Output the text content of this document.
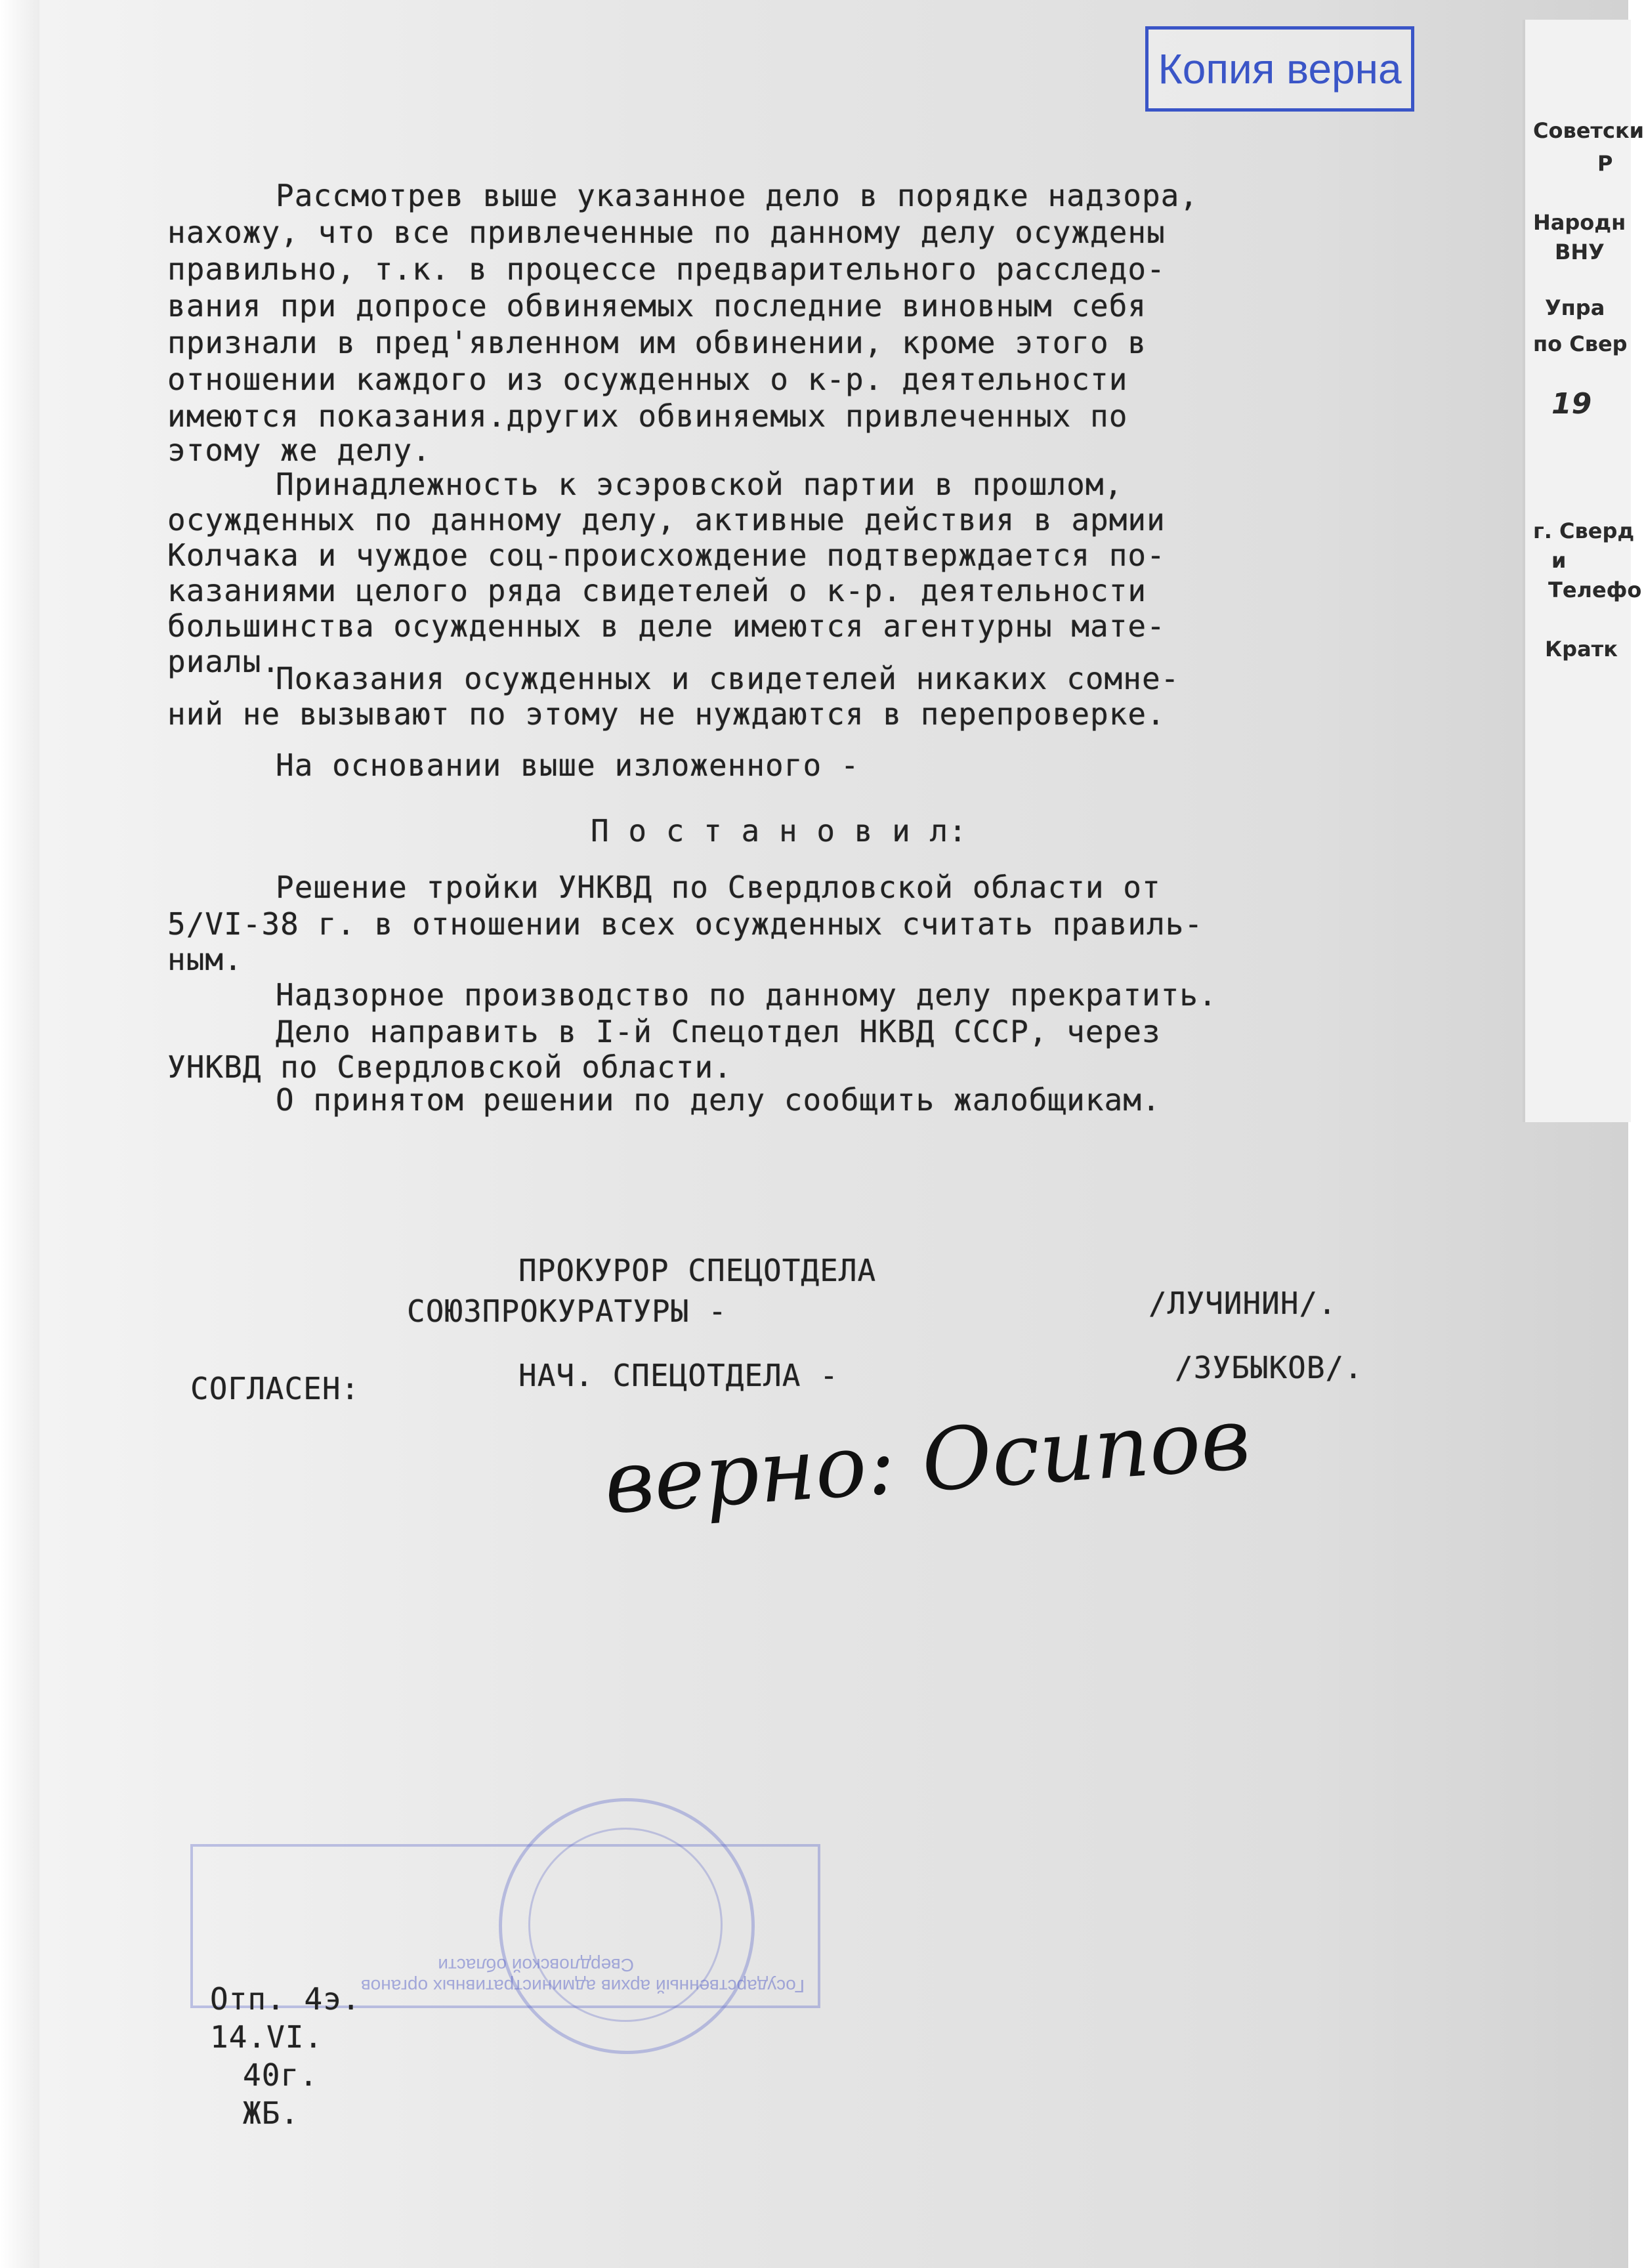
Советски
Р
Народн
ВНУ
Упра
по Свер
19
г. Сверд
и
Телефо
Кратк
Копия верна
Рассмотрев выше указанное дело в порядке надзора,
нахожу, что все привлеченные по данному делу осуждены
правильно, т.к. в процессе предварительного расследо-
вания при допросе обвиняемых последние виновным себя
признали в пред'явленном им обвинении, кроме этого в
отношении каждого из осужденных о к-р. деятельности
имеются показания.других обвиняемых привлеченных по
этому же делу.
Принадлежность к эсэровской партии в прошлом,
осужденных по данному делу, активные действия в армии
Колчака и чуждое соц-происхождение подтверждается по-
казаниями целого ряда свидетелей о к-р. деятельности
большинства осужденных в деле имеются агентурны мате-
риалы.
Показания осужденных и свидетелей никаких сомне-
ний не вызывают по этому не нуждаются в перепроверке.
На основании выше изложенного -
П о с т а н о в и л:
Решение тройки УНКВД по Свердловской области от
5/VI-38 г. в отношении всех осужденных считать правиль-
ным.
Надзорное производство по данному делу прекратить.
Дело направить в I-й Спецотдел НКВД СССР, через
УНКВД по Свердловской области.
О принятом решении по делу сообщить жалобщикам.
ПРОКУРОР СПЕЦОТДЕЛА
СОЮЗПРОКУРАТУРЫ -	/ЛУЧИНИН/.
СОГЛАСЕН:	НАЧ. СПЕЦОТДЕЛА -	/ЗУБЫКОВ/.
верно: Осипов
Государственный архив административных органов
Свердловской области
Отп. 4э.
14.VI.
40г.
ЖБ.
